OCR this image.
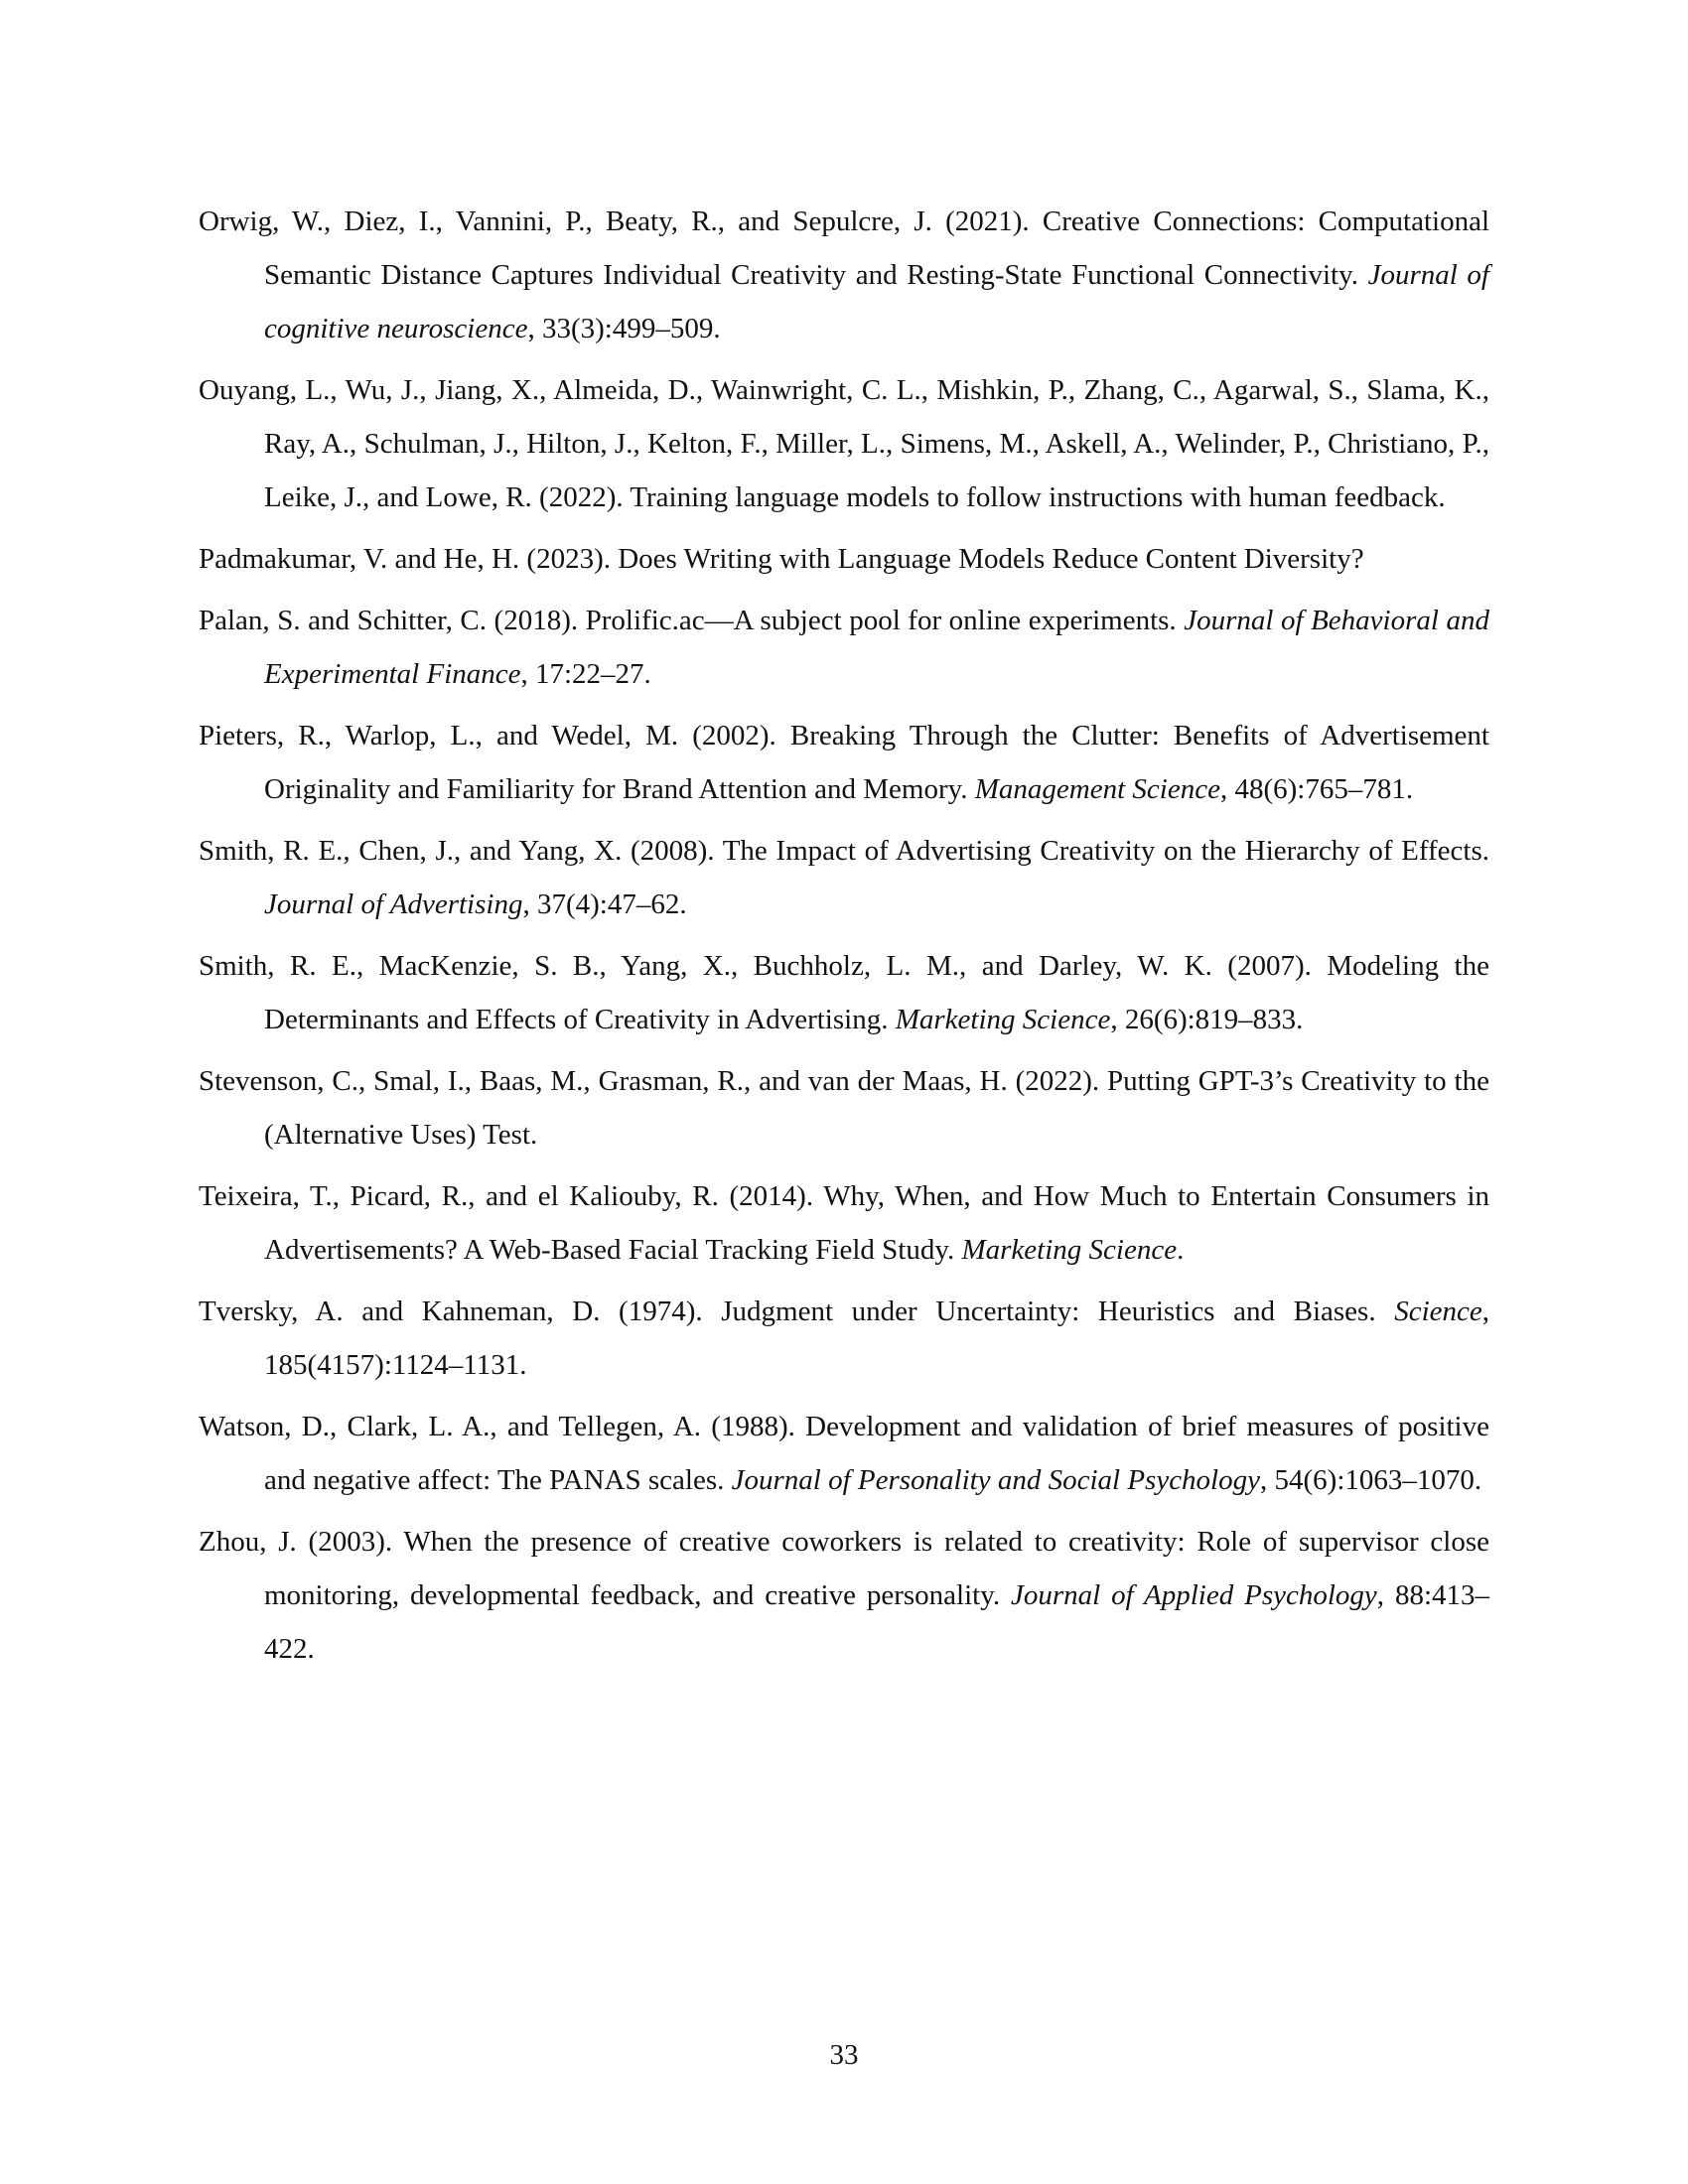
Orwig, W., Diez, I., Vannini, P., Beaty, R., and Sepulcre, J. (2021). Creative Connections: Computational Semantic Distance Captures Individual Creativity and Resting-State Functional Connectivity. Journal of cognitive neuroscience, 33(3):499–509.

Ouyang, L., Wu, J., Jiang, X., Almeida, D., Wainwright, C. L., Mishkin, P., Zhang, C., Agarwal, S., Slama, K., Ray, A., Schulman, J., Hilton, J., Kelton, F., Miller, L., Simens, M., Askell, A., Welinder, P., Christiano, P., Leike, J., and Lowe, R. (2022). Training language models to follow instructions with human feedback.

Padmakumar, V. and He, H. (2023). Does Writing with Language Models Reduce Content Diversity?

Palan, S. and Schitter, C. (2018). Prolific.ac—A subject pool for online experiments. Journal of Behavioral and Experimental Finance, 17:22–27.

Pieters, R., Warlop, L., and Wedel, M. (2002). Breaking Through the Clutter: Benefits of Advertisement Originality and Familiarity for Brand Attention and Memory. Management Science, 48(6):765–781.

Smith, R. E., Chen, J., and Yang, X. (2008). The Impact of Advertising Creativity on the Hierarchy of Effects. Journal of Advertising, 37(4):47–62.

Smith, R. E., MacKenzie, S. B., Yang, X., Buchholz, L. M., and Darley, W. K. (2007). Modeling the Determinants and Effects of Creativity in Advertising. Marketing Science, 26(6):819–833.

Stevenson, C., Smal, I., Baas, M., Grasman, R., and van der Maas, H. (2022). Putting GPT-3’s Creativity to the (Alternative Uses) Test.

Teixeira, T., Picard, R., and el Kaliouby, R. (2014). Why, When, and How Much to Entertain Consumers in Advertisements? A Web-Based Facial Tracking Field Study. Marketing Science.

Tversky, A. and Kahneman, D. (1974). Judgment under Uncertainty: Heuristics and Biases. Science, 185(4157):1124–1131.

Watson, D., Clark, L. A., and Tellegen, A. (1988). Development and validation of brief measures of positive and negative affect: The PANAS scales. Journal of Personality and Social Psychology, 54(6):1063–1070.

Zhou, J. (2003). When the presence of creative coworkers is related to creativity: Role of supervisor close monitoring, developmental feedback, and creative personality. Journal of Applied Psychology, 88:413–422.

33
